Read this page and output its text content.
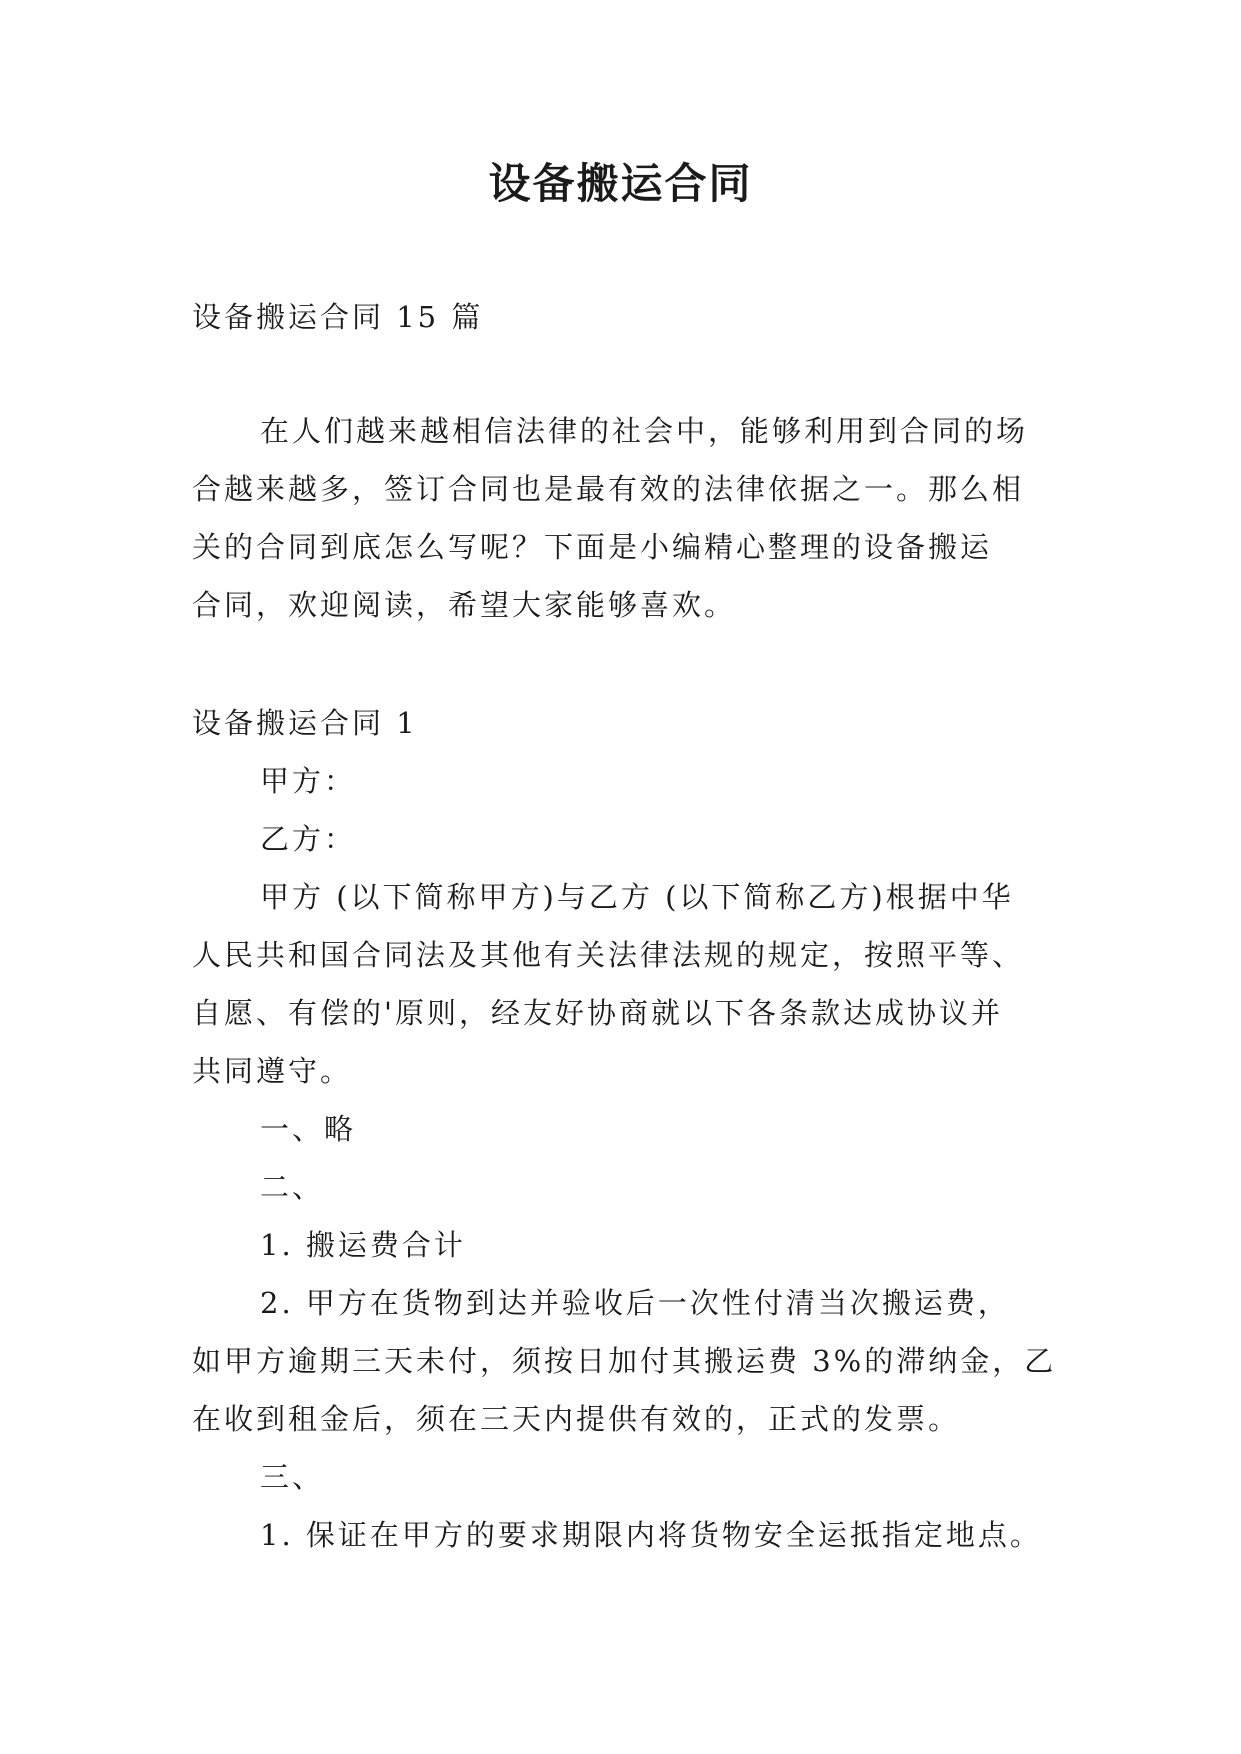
设备搬运合同
设备搬运合同 15 篇
在人们越来越相信法律的社会中，能够利用到合同的场
合越来越多，签订合同也是最有效的法律依据之一。那么相
关的合同到底怎么写呢？下面是小编精心整理的设备搬运
合同，欢迎阅读，希望大家能够喜欢。
设备搬运合同 1
甲方：
乙方：
甲方 (以下简称甲方)与乙方 (以下简称乙方)根据中华
人民共和国合同法及其他有关法律法规的规定，按照平等、
自愿、有偿的'原则，经友好协商就以下各条款达成协议并
共同遵守。
一、略
二、
1. 搬运费合计
2. 甲方在货物到达并验收后一次性付清当次搬运费，
如甲方逾期三天未付，须按日加付其搬运费 3%的滞纳金，乙
在收到租金后，须在三天内提供有效的，正式的发票。
三、
1. 保证在甲方的要求期限内将货物安全运抵指定地点。
